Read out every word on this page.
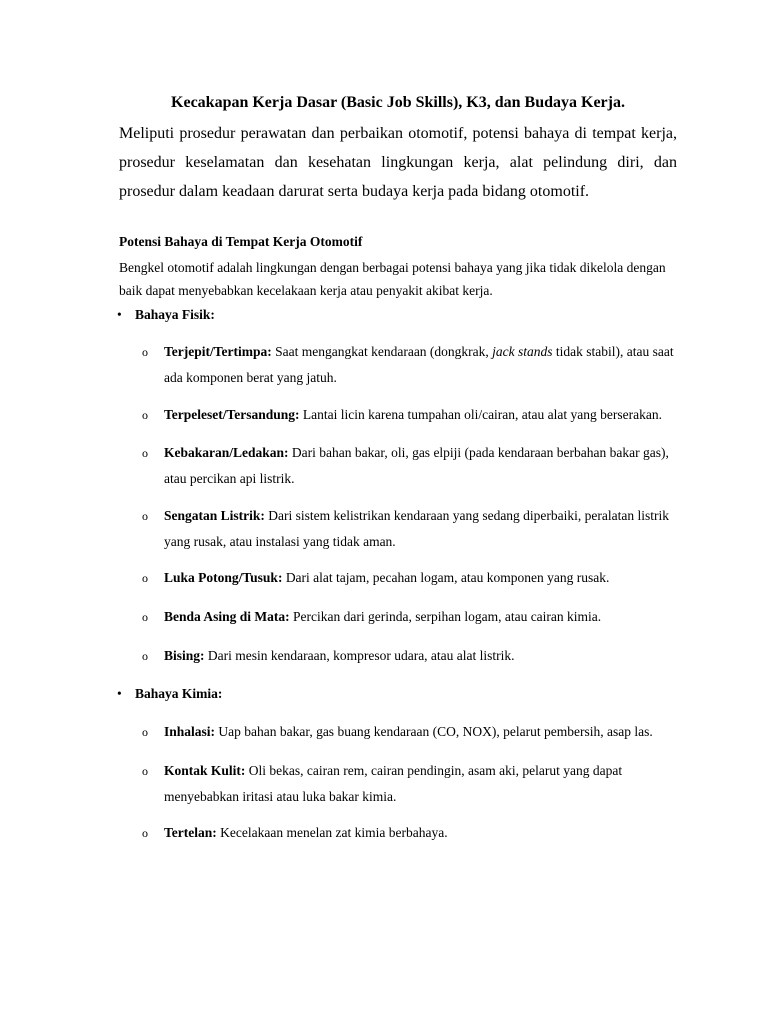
Kecakapan Kerja Dasar (Basic Job Skills), K3, dan Budaya Kerja.
Meliputi prosedur perawatan dan perbaikan otomotif, potensi bahaya di tempat kerja, prosedur keselamatan dan kesehatan lingkungan kerja, alat pelindung diri, dan prosedur dalam keadaan darurat serta budaya kerja pada bidang otomotif.
Potensi Bahaya di Tempat Kerja Otomotif
Bengkel otomotif adalah lingkungan dengan berbagai potensi bahaya yang jika tidak dikelola dengan baik dapat menyebabkan kecelakaan kerja atau penyakit akibat kerja.
• Bahaya Fisik:
o	Terjepit/Tertimpa: Saat mengangkat kendaraan (dongkrak, jack stands tidak stabil), atau saat ada komponen berat yang jatuh.
o	Terpeleset/Tersandung: Lantai licin karena tumpahan oli/cairan, atau alat yang berserakan.
o	Kebakaran/Ledakan: Dari bahan bakar, oli, gas elpiji (pada kendaraan berbahan bakar gas), atau percikan api listrik.
o	Sengatan Listrik: Dari sistem kelistrikan kendaraan yang sedang diperbaiki, peralatan listrik yang rusak, atau instalasi yang tidak aman.
o	Luka Potong/Tusuk: Dari alat tajam, pecahan logam, atau komponen yang rusak.
o	Benda Asing di Mata: Percikan dari gerinda, serpihan logam, atau cairan kimia.
o	Bising: Dari mesin kendaraan, kompresor udara, atau alat listrik.
• Bahaya Kimia:
o	Inhalasi: Uap bahan bakar, gas buang kendaraan (CO, NOX), pelarut pembersih, asap las.
o	Kontak Kulit: Oli bekas, cairan rem, cairan pendingin, asam aki, pelarut yang dapat menyebabkan iritasi atau luka bakar kimia.
o	Tertelan: Kecelakaan menelan zat kimia berbahaya.
